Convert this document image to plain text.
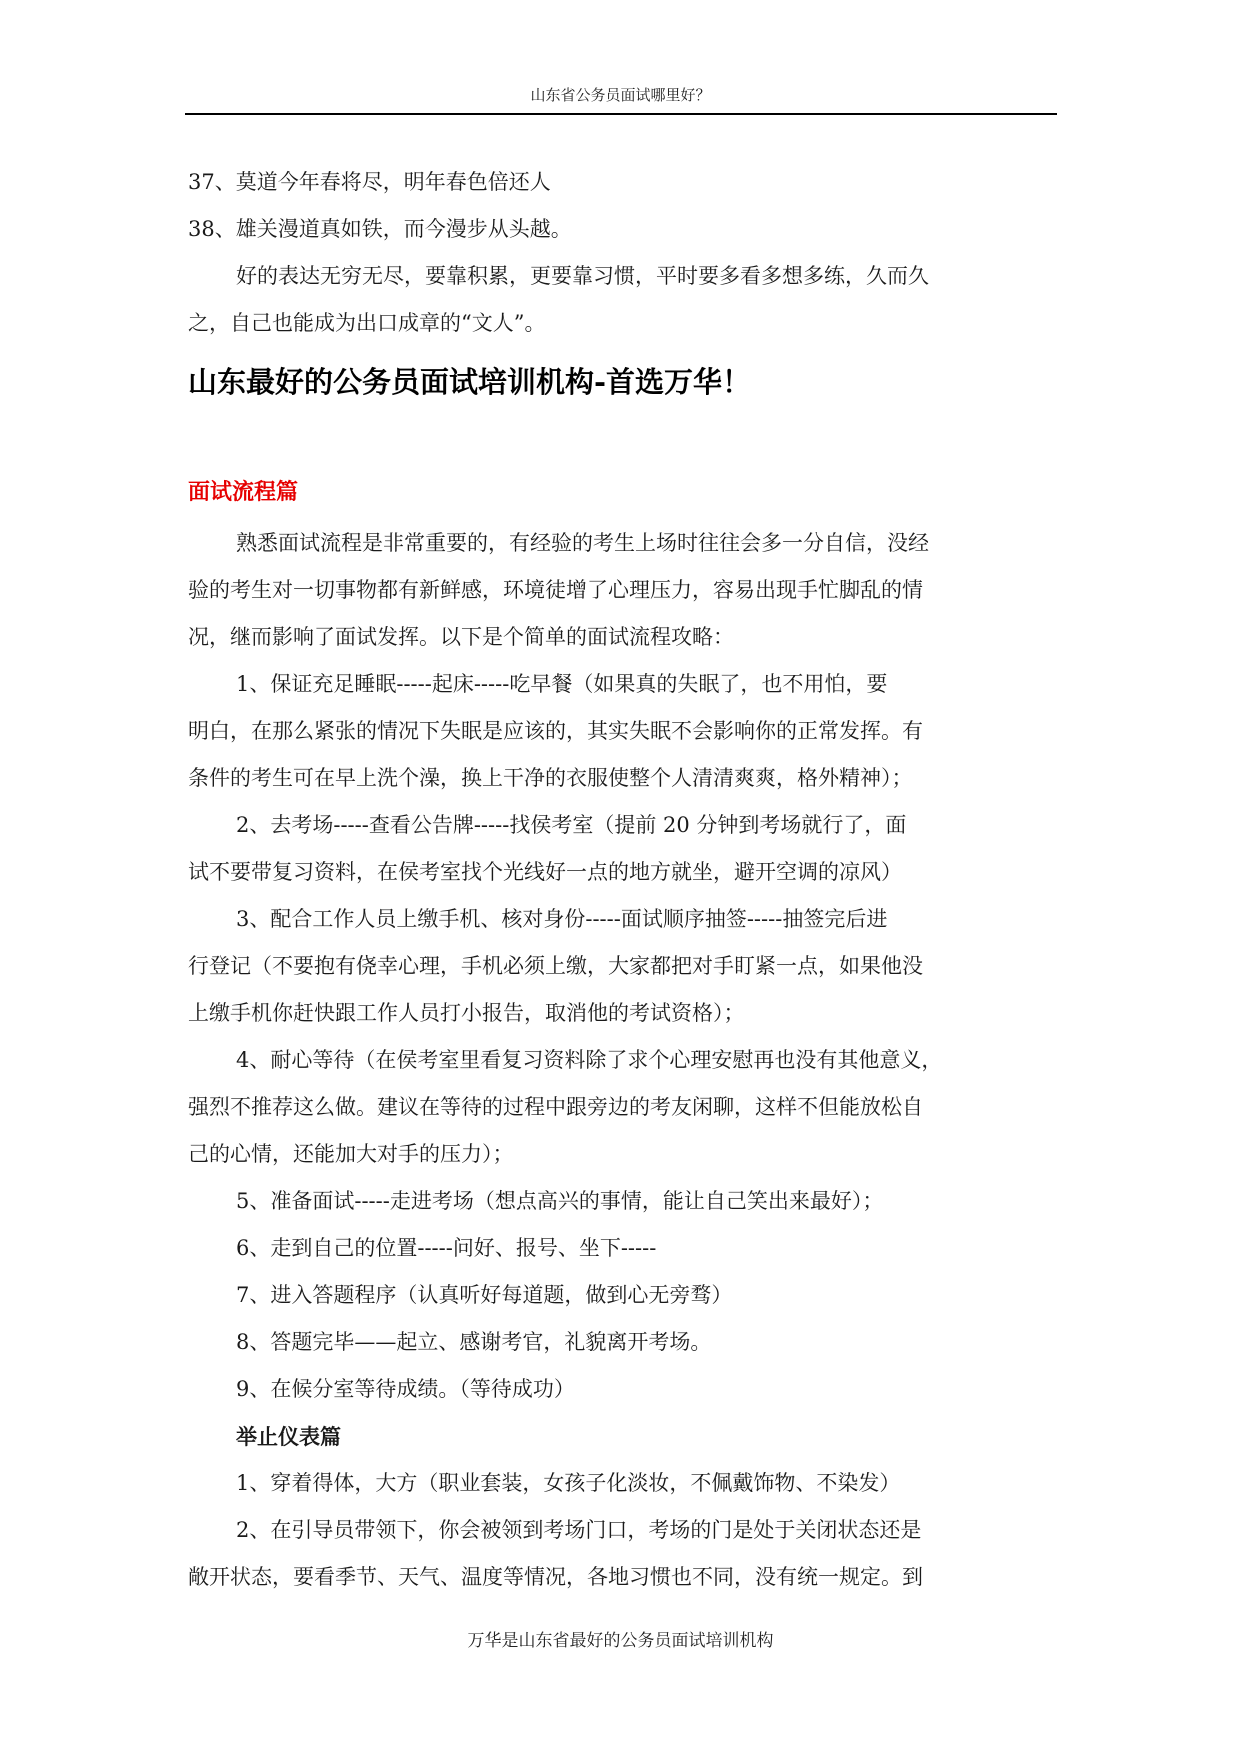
山东省公务员面试哪里好？
37、莫道今年春将尽，明年春色倍还人
38、雄关漫道真如铁，而今漫步从头越。
好的表达无穷无尽，要靠积累，更要靠习惯，平时要多看多想多练，久而久
之，自己也能成为出口成章的“文人”。
山东最好的公务员面试培训机构-首选万华！
面试流程篇
熟悉面试流程是非常重要的，有经验的考生上场时往往会多一分自信，没经
验的考生对一切事物都有新鲜感，环境徒增了心理压力，容易出现手忙脚乱的情
况，继而影响了面试发挥。以下是个简单的面试流程攻略：
1、保证充足睡眠-----起床-----吃早餐（如果真的失眠了，也不用怕，要
明白，在那么紧张的情况下失眠是应该的，其实失眠不会影响你的正常发挥。有
条件的考生可在早上洗个澡，换上干净的衣服使整个人清清爽爽，格外精神）；
2、去考场-----查看公告牌-----找侯考室（提前 20 分钟到考场就行了，面
试不要带复习资料，在侯考室找个光线好一点的地方就坐，避开空调的凉风）
3、配合工作人员上缴手机、核对身份-----面试顺序抽签-----抽签完后进
行登记（不要抱有侥幸心理，手机必须上缴，大家都把对手盯紧一点，如果他没
上缴手机你赶快跟工作人员打小报告，取消他的考试资格）；
4、耐心等待（在侯考室里看复习资料除了求个心理安慰再也没有其他意义，
强烈不推荐这么做。建议在等待的过程中跟旁边的考友闲聊，这样不但能放松自
己的心情，还能加大对手的压力）；
5、准备面试-----走进考场（想点高兴的事情，能让自己笑出来最好）；
6、走到自己的位置-----问好、报号、坐下-----
7、进入答题程序（认真听好每道题，做到心无旁骛）
8、答题完毕——起立、感谢考官，礼貌离开考场。
9、在候分室等待成绩。（等待成功）
举止仪表篇
1、穿着得体，大方（职业套装，女孩子化淡妆，不佩戴饰物、不染发）
2、在引导员带领下，你会被领到考场门口，考场的门是处于关闭状态还是
敞开状态，要看季节、天气、温度等情况，各地习惯也不同，没有统一规定。到
万华是山东省最好的公务员面试培训机构
